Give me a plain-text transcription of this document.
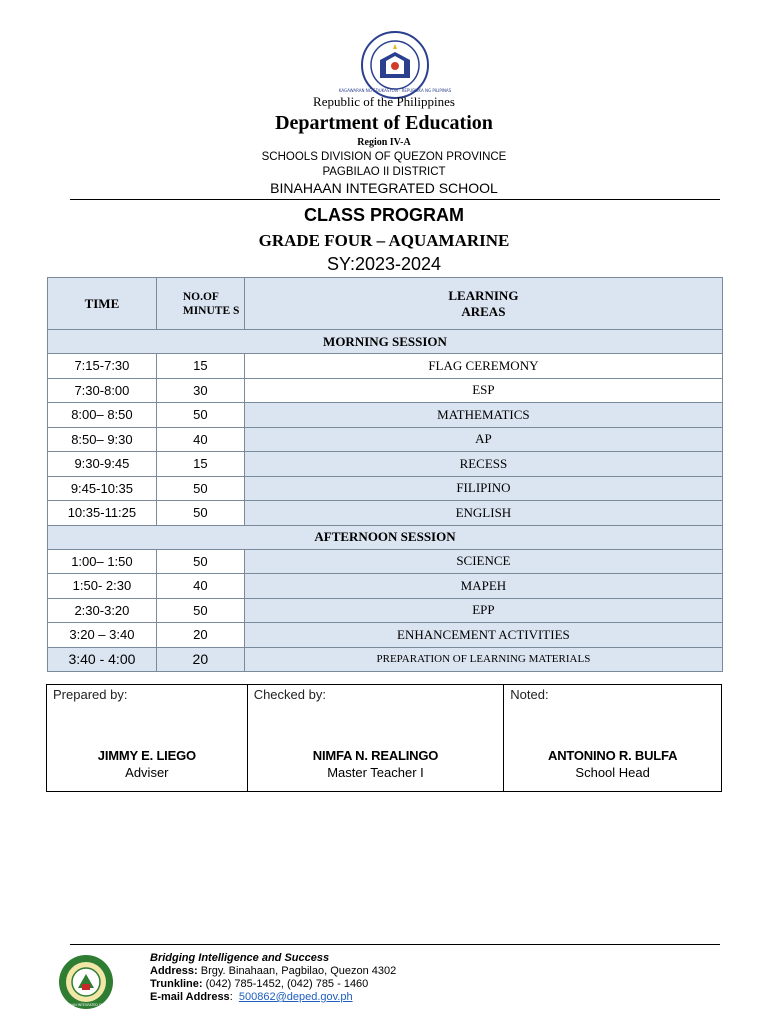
KAGAWARAN NG EDUKASYON · REPUBLIKA NG PILIPINAS
Republic of the Philippines
Department of Education
Region IV-A
SCHOOLS DIVISION OF QUEZON PROVINCE
PAGBILAO II DISTRICT
BINAHAAN INTEGRATED SCHOOL
CLASS PROGRAM
GRADE FOUR – AQUAMARINE
SY:2023-2024
TIME	NO.OF MINUTE S	LEARNING
AREAS

MORNING SESSION		
7:15-7:30	15	FLAG CEREMONY
7:30-8:00	30	ESP
8:00– 8:50	50	MATHEMATICS
8:50– 9:30	40	AP
9:30-9:45	15	RECESS
9:45-10:35	50	FILIPINO
10:35-11:25	50	ENGLISH
AFTERNOON SESSION		
1:00– 1:50	50	SCIENCE
1:50- 2:30	40	MAPEH
2:30-3:20	50	EPP
3:20 – 3:40	20	ENHANCEMENT ACTIVITIES
3:40 - 4:00	20	PREPARATION OF LEARNING MATERIALS
Prepared by:
JIMMY E. LIEGO
Adviser

Checked by:
NIMFA N. REALINGO
Master Teacher I

Noted:
ANTONINO R. BULFA
School Head
BINAHAAN INTEGRATED SCHOOL
Bridging Intelligence and Success
Address: Brgy. Binahaan, Pagbilao, Quezon 4302
Trunkline: (042) 785-1452, (042) 785 - 1460
E-mail Address:  500862@deped.gov.ph
